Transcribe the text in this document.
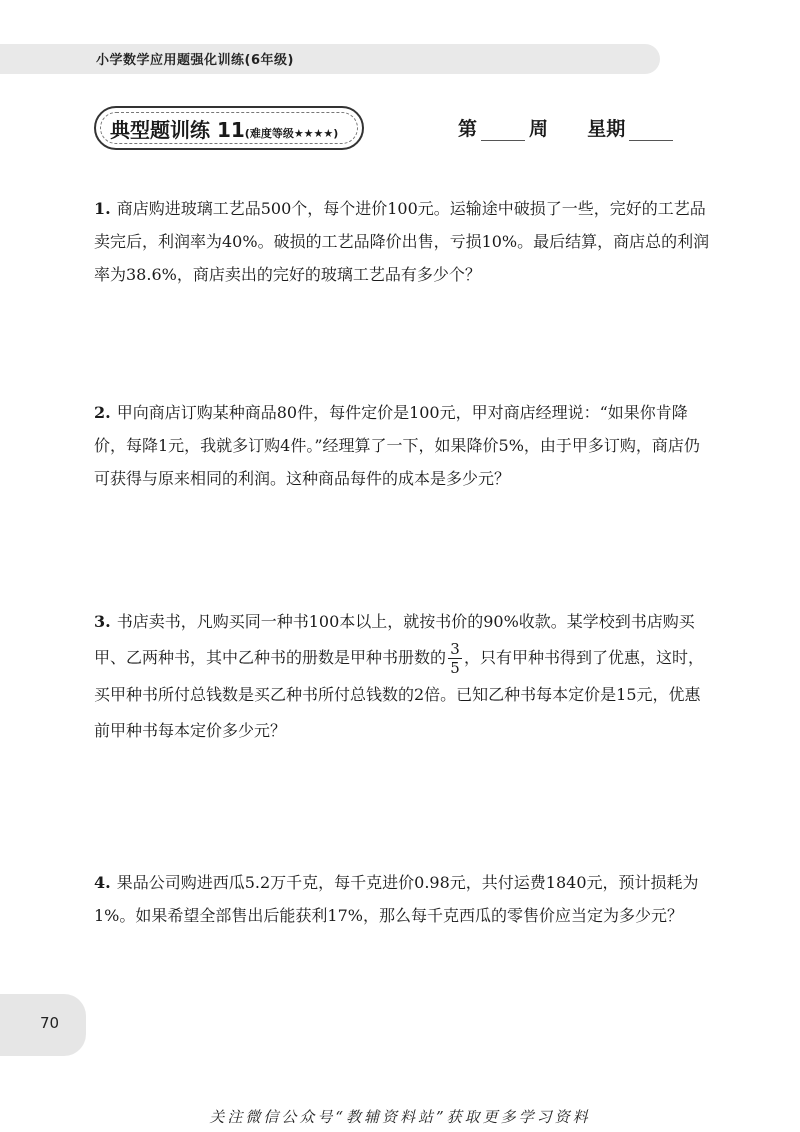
小学数学应用题强化训练(6年级)
典型题训练 11(难度等级★★★★)	第	周 星期
1. 商店购进玻璃工艺品500个，每个进价100元。运输途中破损了一些，完好的工艺品卖完后，利润率为40%。破损的工艺品降价出售，亏损10%。最后结算，商店总的利润率为38.6%，商店卖出的完好的玻璃工艺品有多少个？
2. 甲向商店订购某种商品80件，每件定价是100元，甲对商店经理说：“如果你肯降价，每降1元，我就多订购4件。”经理算了一下，如果降价5%，由于甲多订购，商店仍可获得与原来相同的利润。这种商品每件的成本是多少元？
3. 书店卖书，凡购买同一种书100本以上，就按书价的90%收款。某学校到书店购买甲、乙两种书，其中乙种书的册数是甲种书册数的 $\frac{3}{5}$ ，只有甲种书得到了优惠，这时，买甲种书所付总钱数是买乙种书所付总钱数的2倍。已知乙种书每本定价是15元，优惠前甲种书每本定价多少元？
4. 果品公司购进西瓜5.2万千克，每千克进价0.98元，共付运费1840元，预计损耗为1%。如果希望全部售出后能获利17%，那么每千克西瓜的零售价应当定为多少元？
70
关注微信公众号“教辅资料站”获取更多学习资料
